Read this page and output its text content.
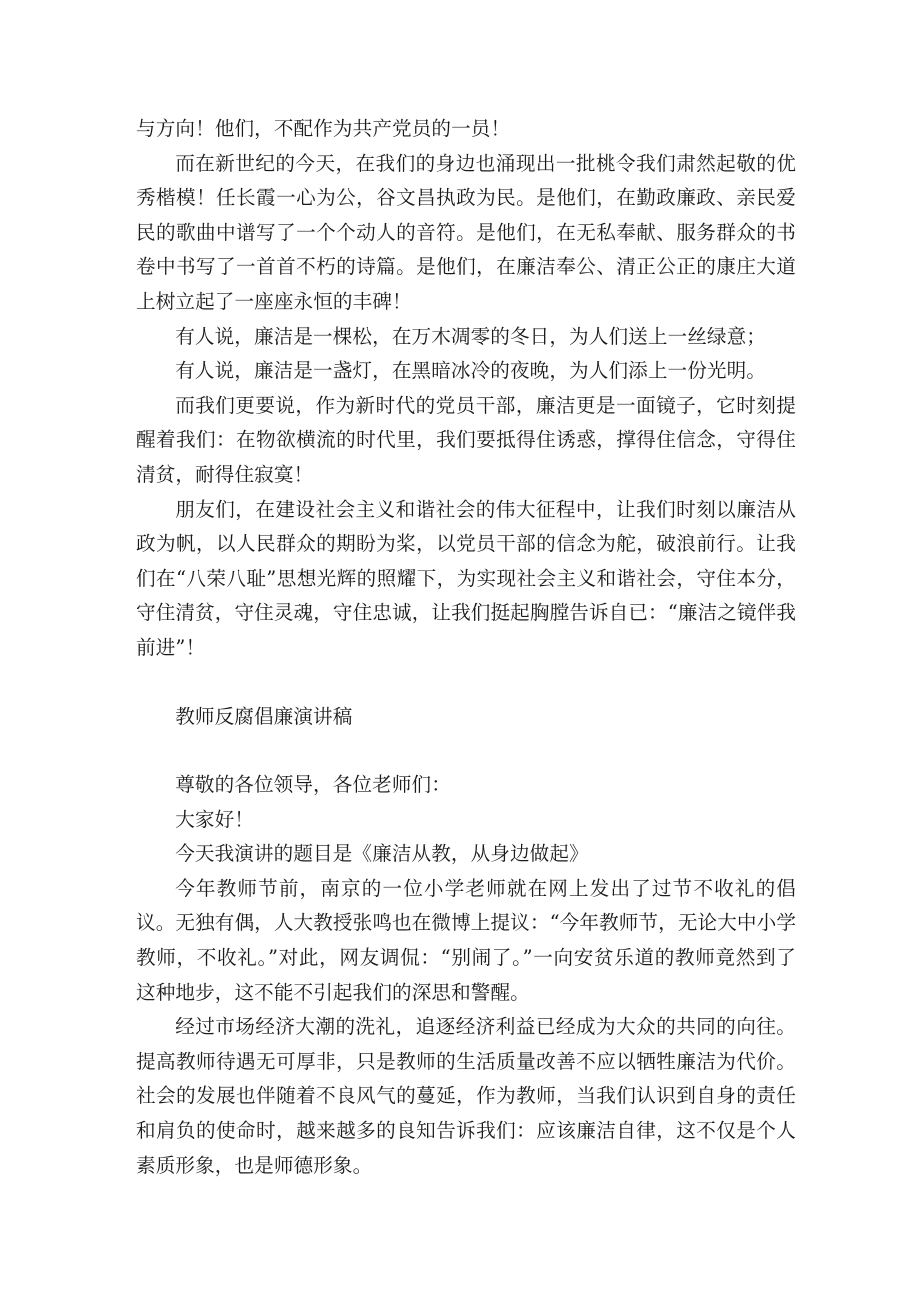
与方向！他们，不配作为共产党员的一员！

而在新世纪的今天，在我们的身边也涌现出一批桃令我们肃然起敬的优秀楷模！任长霞一心为公，谷文昌执政为民。是他们，在勤政廉政、亲民爱民的歌曲中谱写了一个个动人的音符。是他们，在无私奉献、服务群众的书卷中书写了一首首不朽的诗篇。是他们，在廉洁奉公、清正公正的康庄大道上树立起了一座座永恒的丰碑！

有人说，廉洁是一棵松，在万木凋零的冬日，为人们送上一丝绿意；

有人说，廉洁是一盏灯，在黑暗冰冷的夜晚，为人们添上一份光明。

而我们更要说，作为新时代的党员干部，廉洁更是一面镜子，它时刻提醒着我们：在物欲横流的时代里，我们要抵得住诱惑，撑得住信念，守得住清贫，耐得住寂寞！

朋友们，在建设社会主义和谐社会的伟大征程中，让我们时刻以廉洁从政为帆，以人民群众的期盼为桨，以党员干部的信念为舵，破浪前行。让我们在“八荣八耻”思想光辉的照耀下，为实现社会主义和谐社会，守住本分，守住清贫，守住灵魂，守住忠诚，让我们挺起胸膛告诉自已：“廉洁之镜伴我前进”！

教师反腐倡廉演讲稿

尊敬的各位领导，各位老师们：

大家好！

今天我演讲的题目是《廉洁从教，从身边做起》

今年教师节前，南京的一位小学老师就在网上发出了过节不收礼的倡议。无独有偶，人大教授张鸣也在微博上提议：“今年教师节，无论大中小学教师，不收礼。”对此，网友调侃：“别闹了。”一向安贫乐道的教师竟然到了这种地步，这不能不引起我们的深思和警醒。

经过市场经济大潮的洗礼，追逐经济利益已经成为大众的共同的向往。提高教师待遇无可厚非，只是教师的生活质量改善不应以牺牲廉洁为代价。社会的发展也伴随着不良风气的蔓延，作为教师，当我们认识到自身的责任和肩负的使命时，越来越多的良知告诉我们：应该廉洁自律，这不仅是个人素质形象，也是师德形象。
